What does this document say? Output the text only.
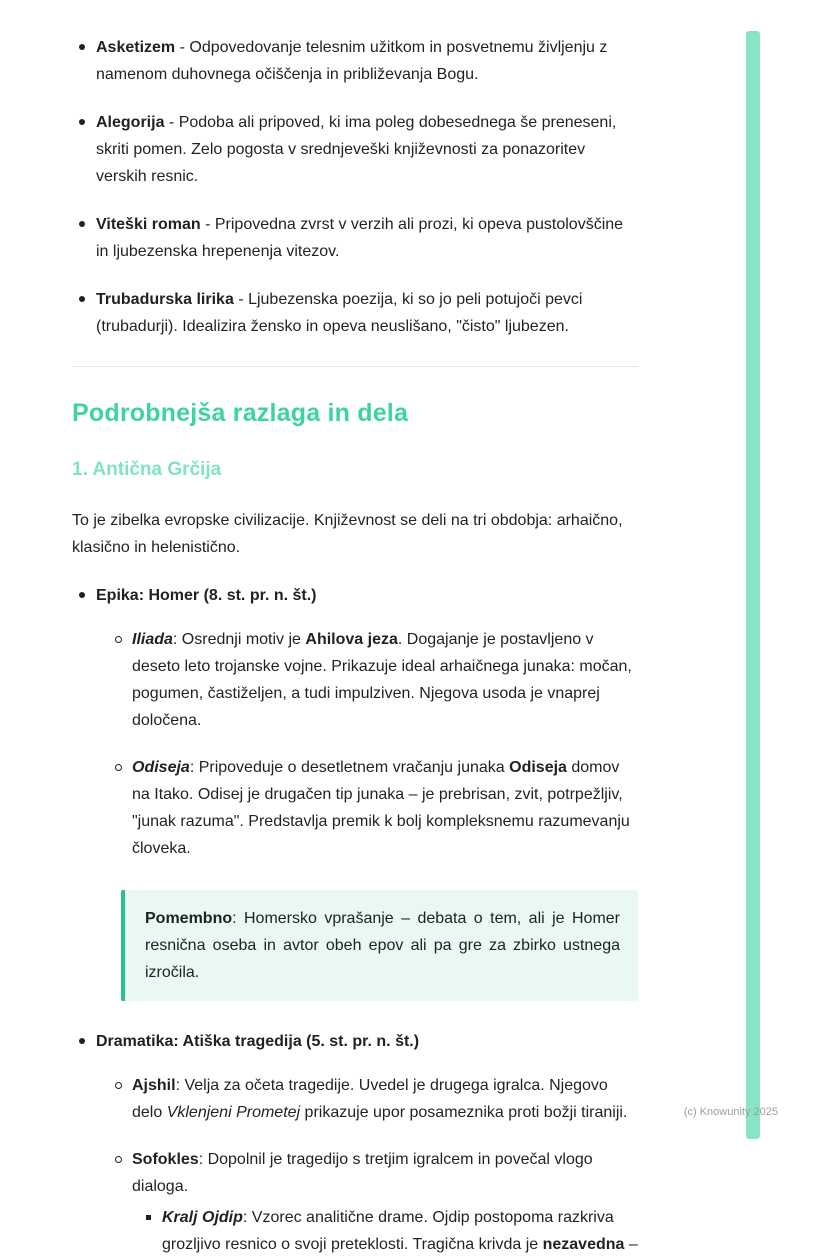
Asketizem - Odpovedovanje telesnim užitkom in posvetnemu življenju z namenom duhovnega očiščenja in približevanja Bogu.
Alegorija - Podoba ali pripoved, ki ima poleg dobesednega še preneseni, skriti pomen. Zelo pogosta v srednjeveški književnosti za ponazoritev verskih resnic.
Viteški roman - Pripovedna zvrst v verzih ali prozi, ki opeva pustolovščine in ljubezenska hrepenenja vitezov.
Trubadurska lirika - Ljubezenska poezija, ki so jo peli potujoči pevci (trubadurji). Idealizira žensko in opeva neuslišano, "čisto" ljubezen.
Podrobnejša razlaga in dela
1. Antična Grčija

To je zibelka evropske civilizacije. Književnost se deli na tri obdobja: arhaično, klasično in helenistično.

Epika: Homer (8. st. pr. n. št.)
Iliada: Osrednji motiv je Ahilova jeza. Dogajanje je postavljeno v deseto leto trojanske vojne. Prikazuje ideal arhaičnega junaka: močan, pogumen, častiželjen, a tudi impulziven. Njegova usoda je vnaprej določena.
Odiseja: Pripoveduje o desetletnem vračanju junaka Odiseja domov na Itako. Odisej je drugačen tip junaka – je prebrisan, zvit, potrpežljiv, "junak razuma". Predstavlja premik k bolj kompleksnemu razumevanju človeka.

Pomembno: Homersko vprašanje – debata o tem, ali je Homer resnična oseba in avtor obeh epov ali pa gre za zbirko ustnega izročila.

Dramatika: Atiška tragedija (5. st. pr. n. št.)
Ajshil: Velja za očeta tragedije. Uvedel je drugega igralca. Njegovo delo Vklenjeni Prometej prikazuje upor posameznika proti božji tiraniji.
Sofokles: Dopolnil je tragedijo s tretjim igralcem in povečal vlogo dialoga.
Kralj Ojdip: Vzorec analitične drame. Ojdip postopoma razkriva grozljivo resnico o svoji preteklosti. Tragična krivda je nezavedna –
(c) Knowunity 2025
